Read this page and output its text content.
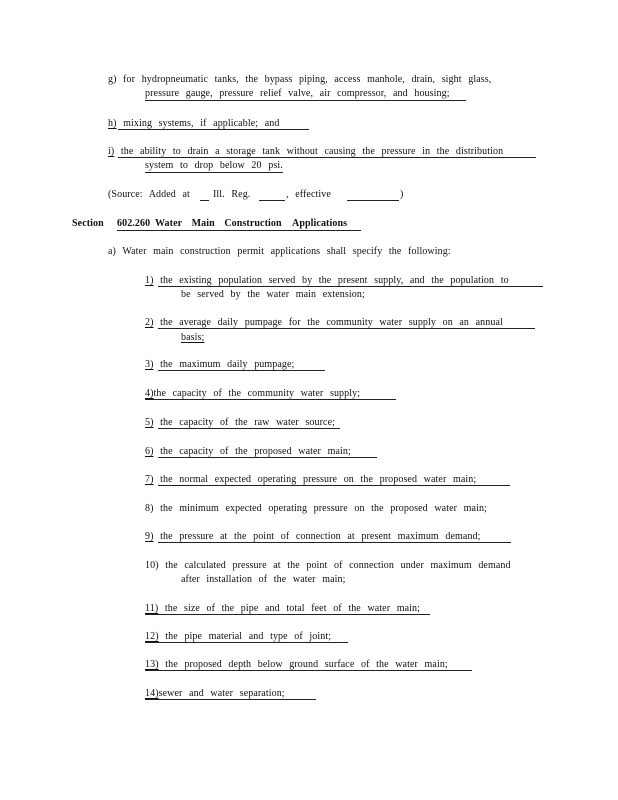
g) for hydropneumatic tanks, the bypass piping, access manhole, drain, sight glass,
pressure gauge, pressure relief valve, air compressor, and housing;
h) mixing systems, if applicable; and
i) the ability to drain a storage tank without causing the pressure in the distribution
system to drop below 20 psi.
(Source: Added at Ill. Reg.	, effective	)
Section 602.260 Water Main Construction Applications
a) Water main construction permit applications shall specify the following:
1) the existing population served by the present supply, and the population to
be served by the water main extension;
2) the average daily pumpage for the community water supply on an annual
basis;
3) the maximum daily pumpage;
4)the capacity of the community water supply;
5) the capacity of the raw water source;
6) the capacity of the proposed water main;
7) the normal expected operating pressure on the proposed water main;
8) the minimum expected operating pressure on the proposed water main;
9) the pressure at the point of connection at present maximum demand;
10) the calculated pressure at the point of connection under maximum demand
after installation of the water main;
11) the size of the pipe and total feet of the water main;
12) the pipe material and type of joint;
13) the proposed depth below ground surface of the water main;
14)sewer and water separation;
